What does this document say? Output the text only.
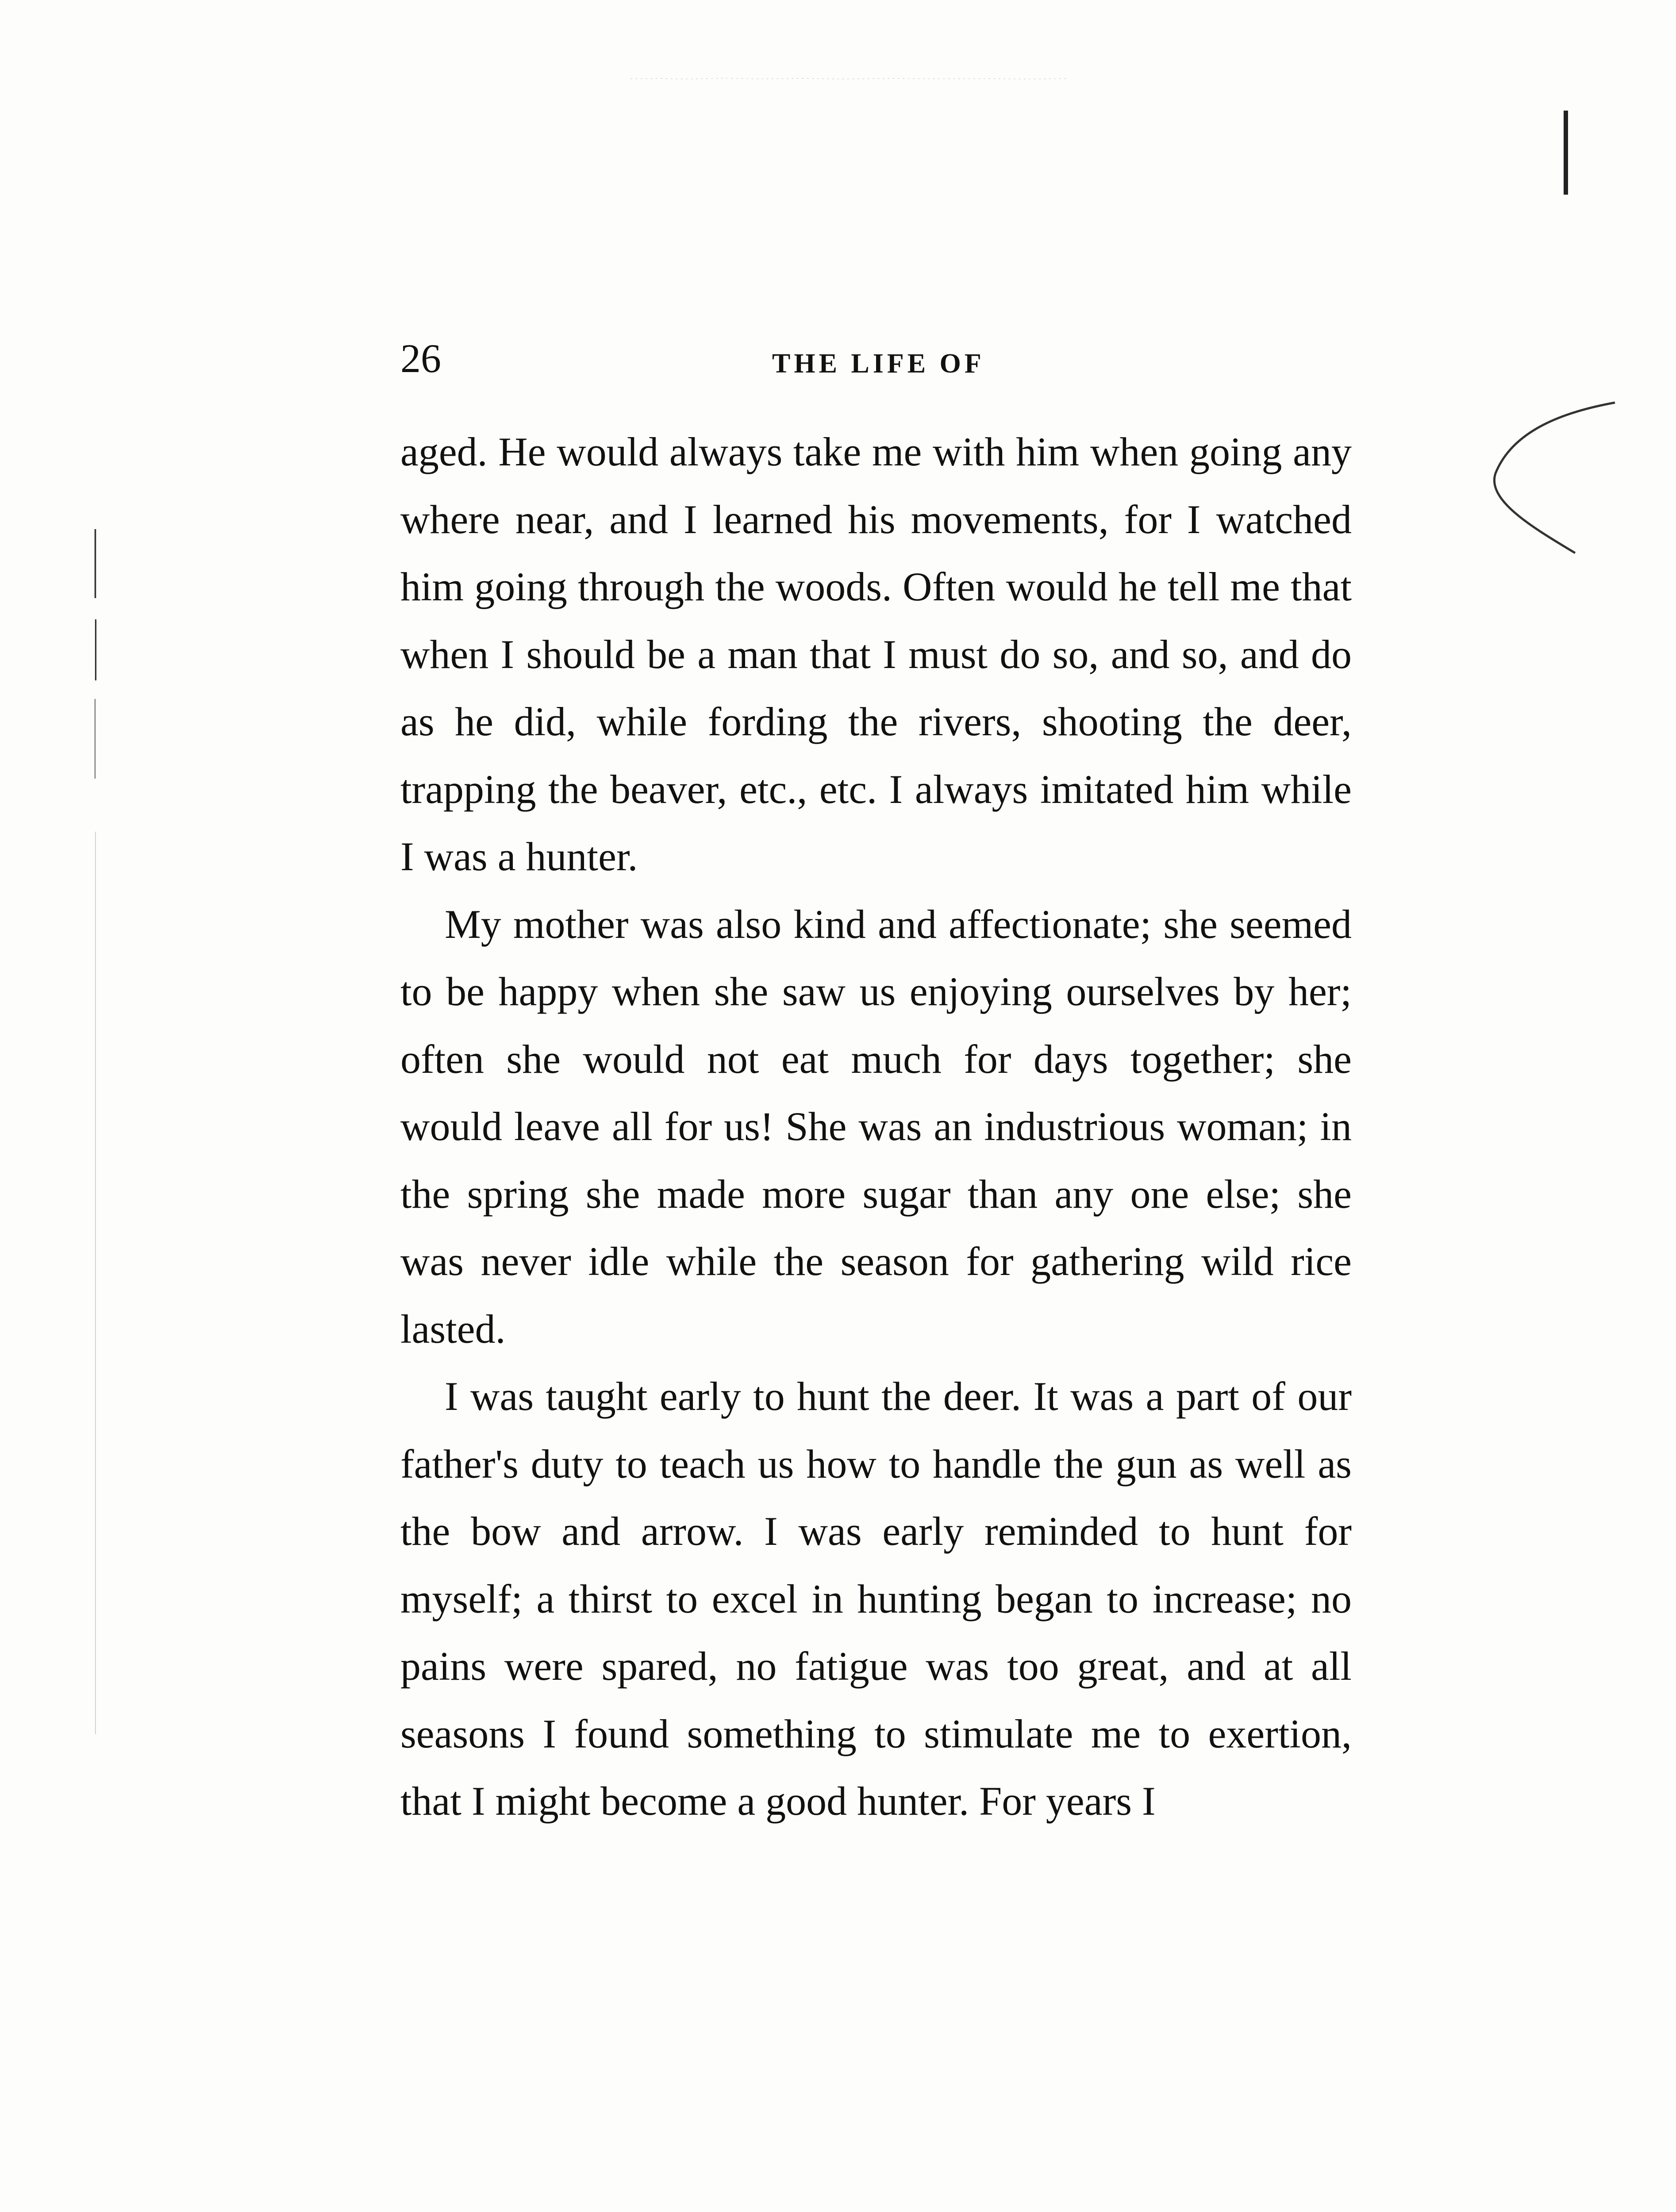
26	THE LIFE OF

aged. He would always take me with him when going any where near, and I learned his movements, for I watched him going through the woods. Often would he tell me that when I should be a man that I must do so, and so, and do as he did, while fording the rivers, shooting the deer, trapping the beaver, etc., etc. I always imitated him while I was a hunter.

My mother was also kind and affectionate; she seemed to be happy when she saw us enjoying ourselves by her; often she would not eat much for days together; she would leave all for us! She was an industrious woman; in the spring she made more sugar than any one else; she was never idle while the season for gathering wild rice lasted.

I was taught early to hunt the deer. It was a part of our father's duty to teach us how to handle the gun as well as the bow and arrow. I was early reminded to hunt for myself; a thirst to excel in hunting began to increase; no pains were spared, no fatigue was too great, and at all seasons I found something to stimulate me to exertion, that I might become a good hunter. For years I
